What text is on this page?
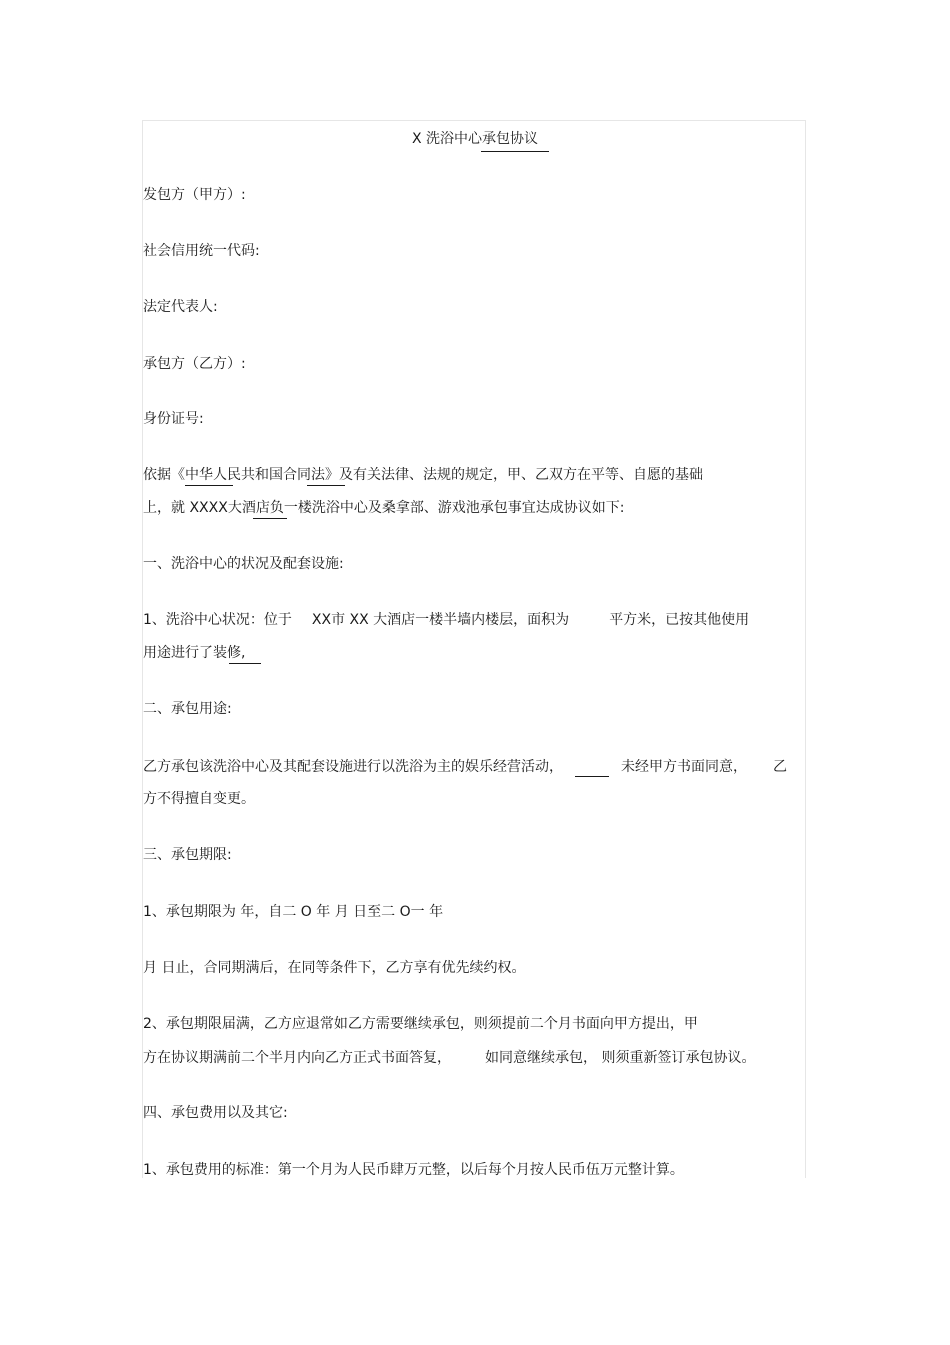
X 洗浴中心承包协议
发包方（甲方）:
社会信用统一代码:
法定代表人:
承包方（乙方）:
身份证号:
依据《中华人民共和国合同法》及有关法律、法规的规定，甲、乙双方在平等、自愿的基础
上，就 XXXX大酒店负一楼洗浴中心及桑拿部、游戏池承包事宜达成协议如下:
一、洗浴中心的状况及配套设施:
1、洗浴中心状况：位于 XX市 XX 大酒店一楼半墙内楼层，面积为	平方米，已按其他使用
用途进行了装修,
二、承包用途:
乙方承包该洗浴中心及其配套设施进行以洗浴为主的娱乐经营活动，	未经甲方书面同意， 乙
方不得擅自变更。
三、承包期限:
1、承包期限为 年，自二 O 年 月 日至二 O一 年
月 日止，合同期满后，在同等条件下，乙方享有优先续约权。
2、承包期限届满，乙方应退常如乙方需要继续承包，则须提前二个月书面向甲方提出，甲
方在协议期满前二个半月内向乙方正式书面答复， 如同意继续承包， 则须重新签订承包协议。
四、承包费用以及其它:
1、承包费用的标准：第一个月为人民币肆万元整，以后每个月按人民币伍万元整计算。
